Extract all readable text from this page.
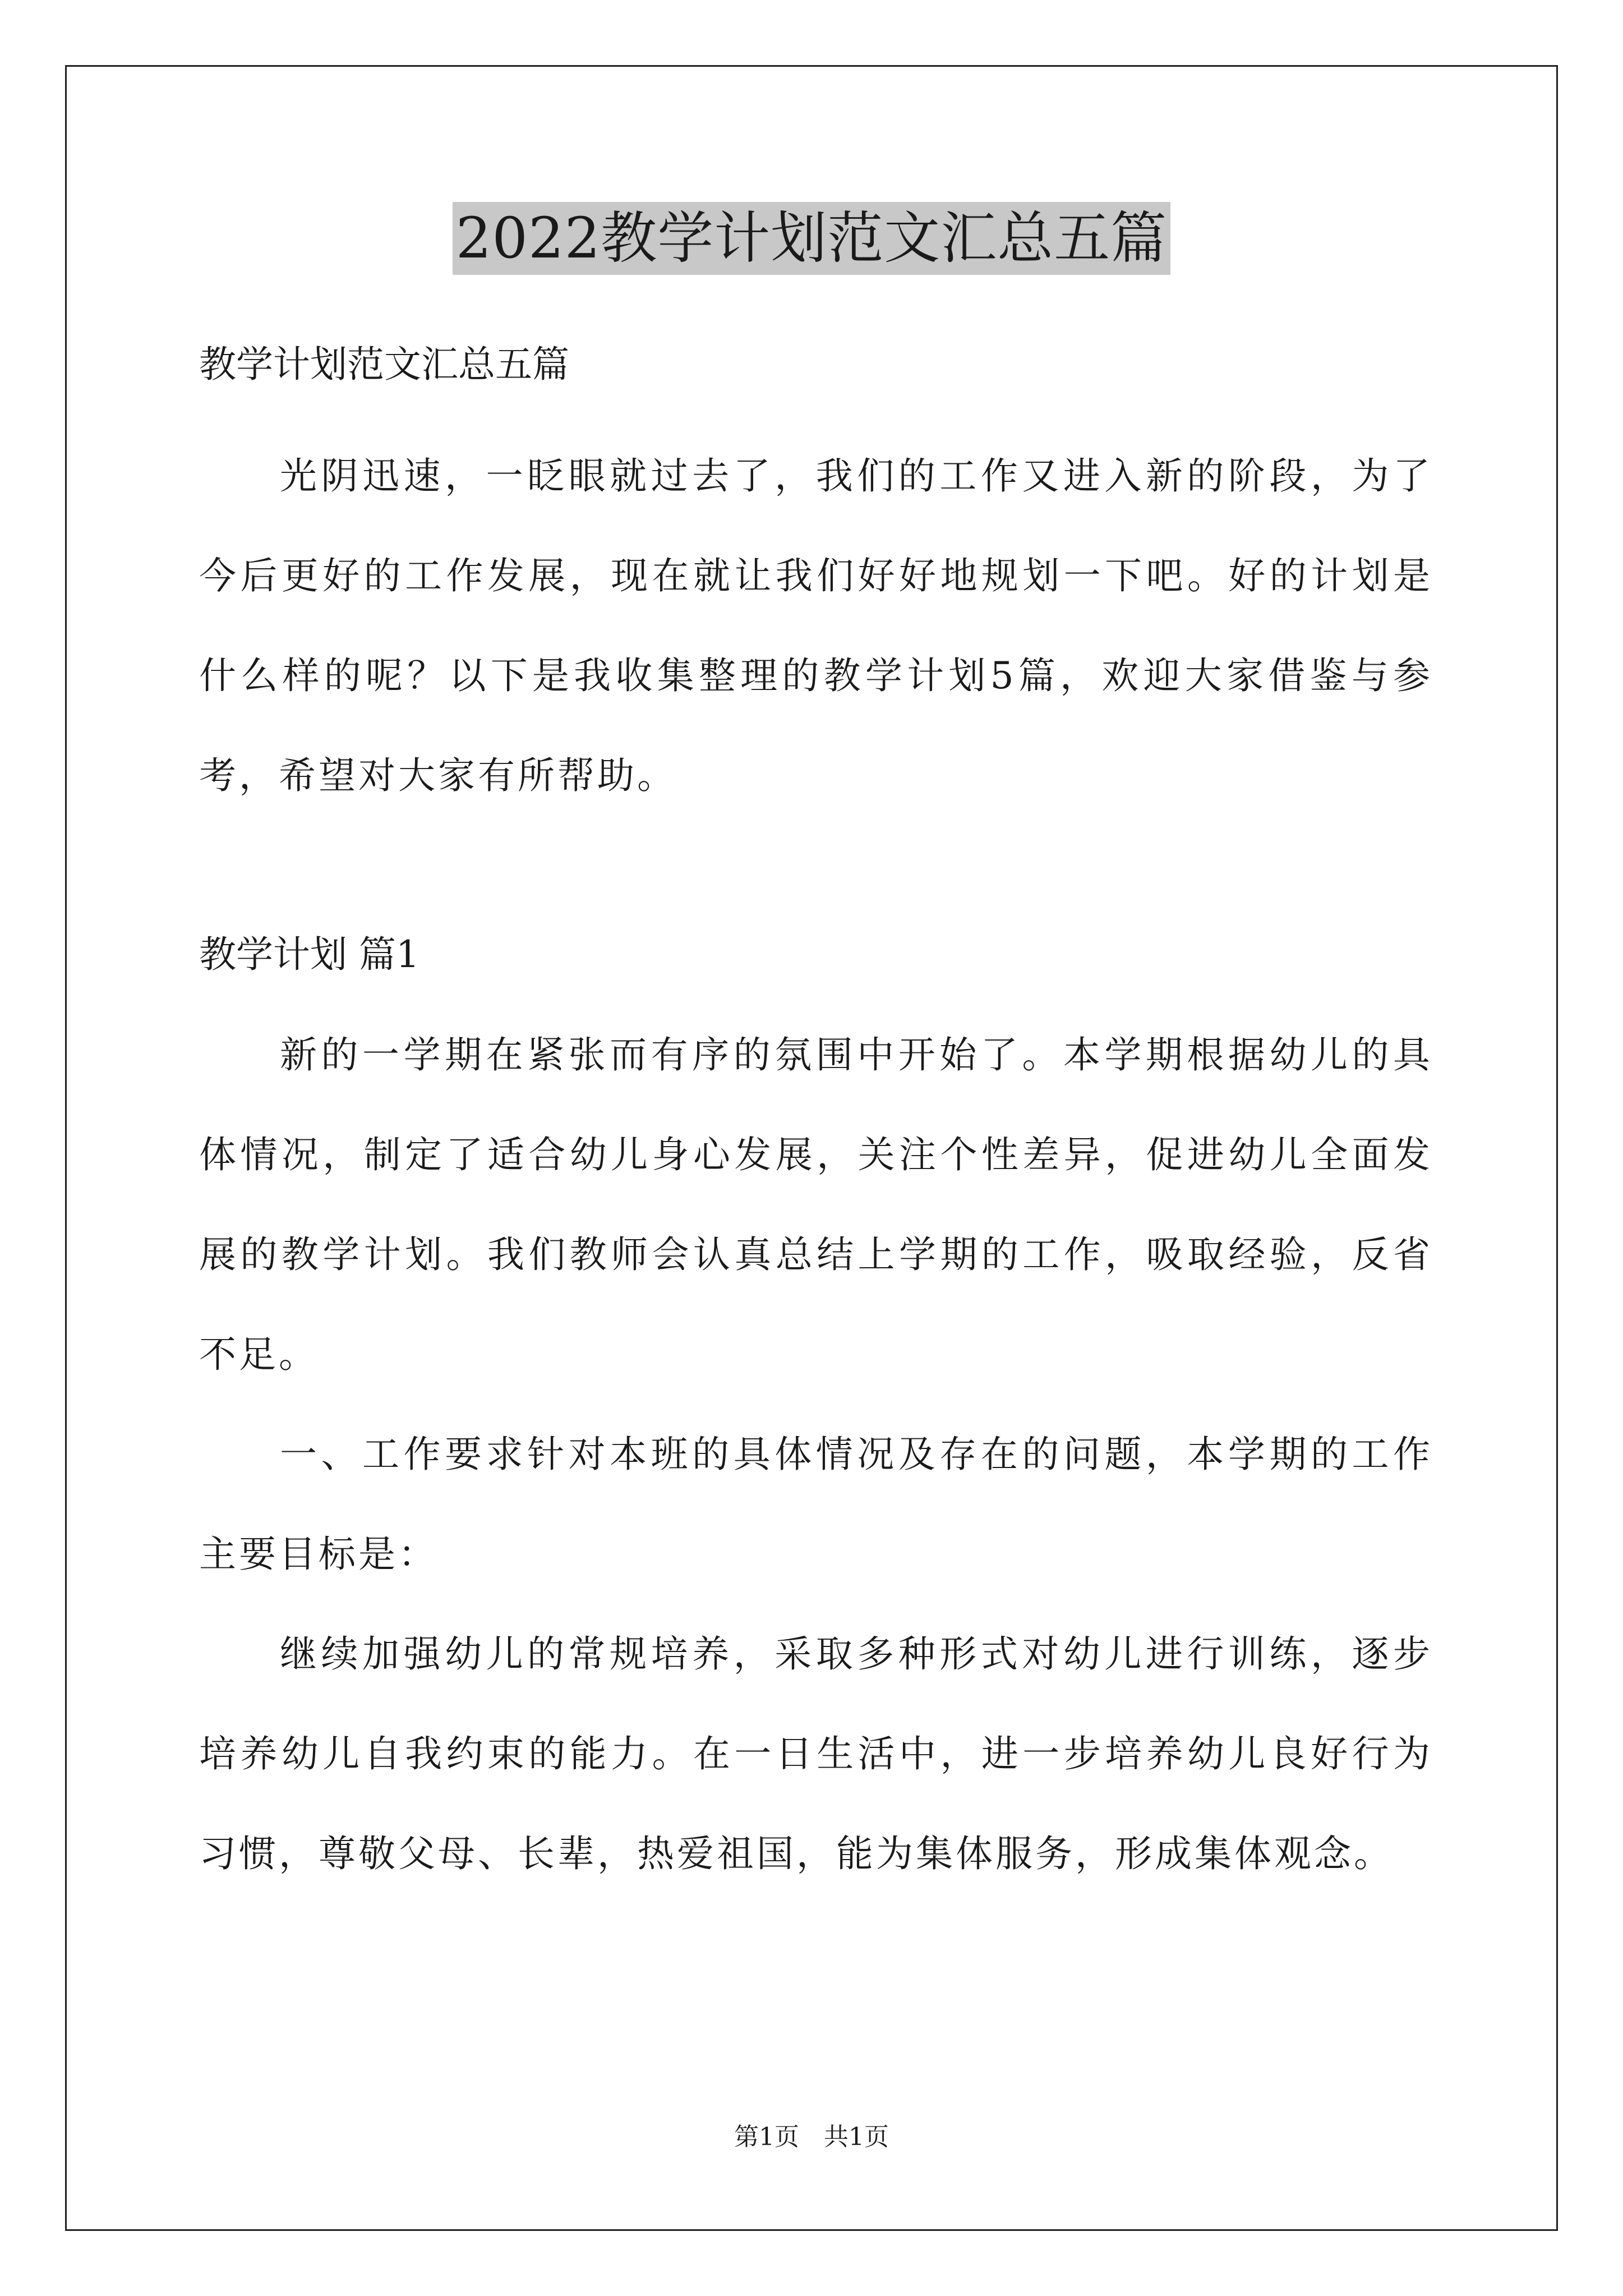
2022教学计划范文汇总五篇

教学计划范文汇总五篇

光阴迅速，一眨眼就过去了，我们的工作又进入新的阶段，为了今后更好的工作发展，现在就让我们好好地规划一下吧。好的计划是什么样的呢？以下是我收集整理的教学计划5篇，欢迎大家借鉴与参考，希望对大家有所帮助。

教学计划 篇1

新的一学期在紧张而有序的氛围中开始了。本学期根据幼儿的具体情况，制定了适合幼儿身心发展，关注个性差异，促进幼儿全面发展的教学计划。我们教师会认真总结上学期的工作，吸取经验，反省不足。

一、工作要求针对本班的具体情况及存在的问题，本学期的工作主要目标是：

继续加强幼儿的常规培养，采取多种形式对幼儿进行训练，逐步培养幼儿自我约束的能力。在一日生活中，进一步培养幼儿良好行为习惯，尊敬父母、长辈，热爱祖国，能为集体服务，形成集体观念。

第1页　共1页
